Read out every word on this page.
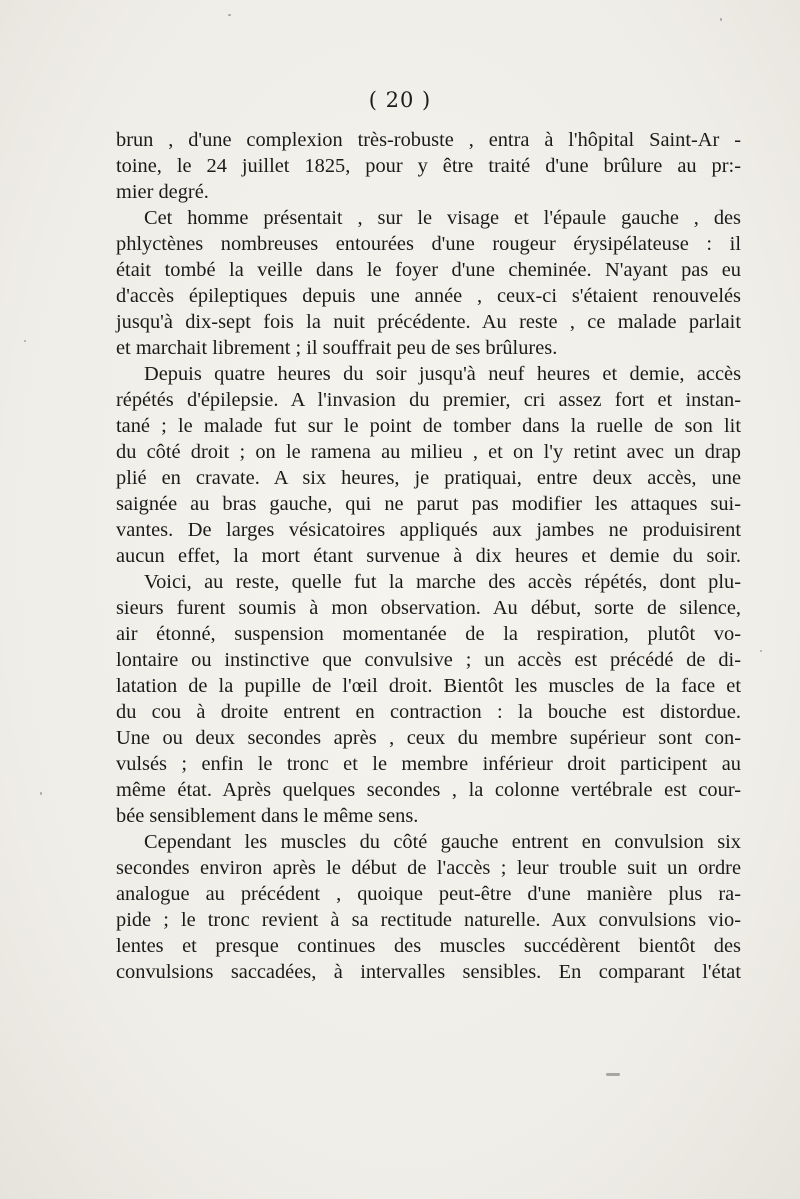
( 20 )
brun , d'une complexion très-robuste , entra à l'hôpital Saint-Ar -
toine, le 24 juillet 1825, pour y être traité d'une brûlure au pr:-
mier degré.
Cet homme présentait , sur le visage et l'épaule gauche , des
phlyctènes nombreuses entourées d'une rougeur érysipélateuse : il
était tombé la veille dans le foyer d'une cheminée. N'ayant pas eu
d'accès épileptiques depuis une année , ceux-ci s'étaient renouvelés
jusqu'à dix-sept fois la nuit précédente. Au reste , ce malade parlait
et marchait librement ; il souffrait peu de ses brûlures.
Depuis quatre heures du soir jusqu'à neuf heures et demie, accès
répétés d'épilepsie. A l'invasion du premier, cri assez fort et instan-
tané ; le malade fut sur le point de tomber dans la ruelle de son lit
du côté droit ; on le ramena au milieu , et on l'y retint avec un drap
plié en cravate. A six heures, je pratiquai, entre deux accès, une
saignée au bras gauche, qui ne parut pas modifier les attaques sui-
vantes. De larges vésicatoires appliqués aux jambes ne produisirent
aucun effet, la mort étant survenue à dix heures et demie du soir.
Voici, au reste, quelle fut la marche des accès répétés, dont plu-
sieurs furent soumis à mon observation. Au début, sorte de silence,
air étonné, suspension momentanée de la respiration, plutôt vo-
lontaire ou instinctive que convulsive ; un accès est précédé de di-
latation de la pupille de l'œil droit. Bientôt les muscles de la face et
du cou à droite entrent en contraction : la bouche est distordue.
Une ou deux secondes après , ceux du membre supérieur sont con-
vulsés ; enfin le tronc et le membre inférieur droit participent au
même état. Après quelques secondes , la colonne vertébrale est cour-
bée sensiblement dans le même sens.
Cependant les muscles du côté gauche entrent en convulsion six
secondes environ après le début de l'accès ; leur trouble suit un ordre
analogue au précédent , quoique peut-être d'une manière plus ra-
pide ; le tronc revient à sa rectitude naturelle. Aux convulsions vio-
lentes et presque continues des muscles succédèrent bientôt des
convulsions saccadées, à intervalles sensibles. En comparant l'état
